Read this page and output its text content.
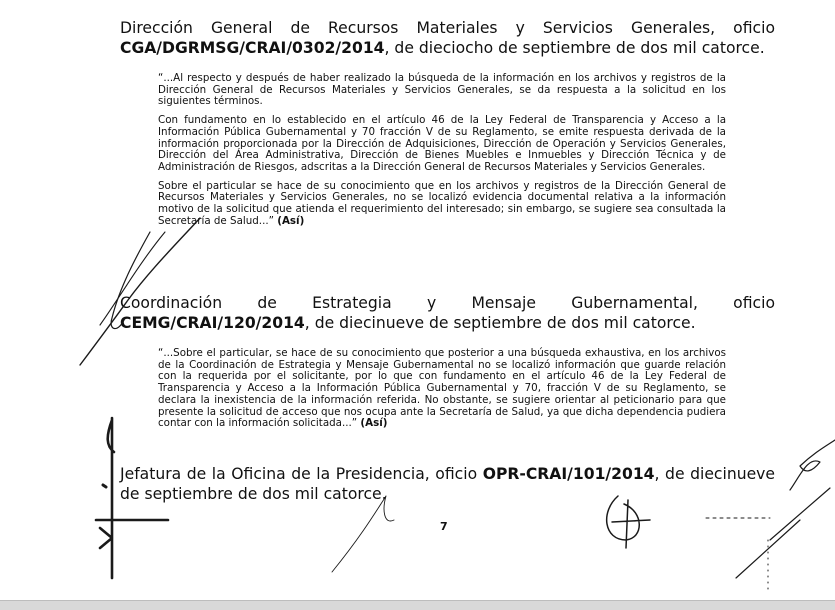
Dirección General de Recursos Materiales y Servicios Generales, oficio CGA/DGRMSG/CRAI/0302/2014, de dieciocho de septiembre de dos mil catorce.

“...Al respecto y después de haber realizado la búsqueda de la información en los archivos y registros de la Dirección General de Recursos Materiales y Servicios Generales, se da respuesta a la solicitud en los siguientes términos.

Con fundamento en lo establecido en el artículo 46 de la Ley Federal de Transparencia y Acceso a la Información Pública Gubernamental y 70 fracción V de su Reglamento, se emite respuesta derivada de la información proporcionada por la Dirección de Adquisiciones, Dirección de Operación y Servicios Generales, Dirección del Área Administrativa, Dirección de Bienes Muebles e Inmuebles y Dirección Técnica y de Administración de Riesgos, adscritas a la Dirección General de Recursos Materiales y Servicios Generales.

Sobre el particular se hace de su conocimiento que en los archivos y registros de la Dirección General de Recursos Materiales y Servicios Generales, no se localizó evidencia documental relativa a la información motivo de la solicitud que atienda el requerimiento del interesado; sin embargo, se sugiere sea consultada la Secretaría de Salud...” (Así)

Coordinación de Estrategia y Mensaje Gubernamental, oficio CEMG/CRAI/120/2014, de diecinueve de septiembre de dos mil catorce.

“...Sobre el particular, se hace de su conocimiento que posterior a una búsqueda exhaustiva, en los archivos de la Coordinación de Estrategia y Mensaje Gubernamental no se localizó información que guarde relación con la requerida por el solicitante, por lo que con fundamento en el artículo 46 de la Ley Federal de Transparencia y Acceso a la Información Pública Gubernamental y 70, fracción V de su Reglamento, se declara la inexistencia de la información referida. No obstante, se sugiere orientar al peticionario para que presente la solicitud de acceso que nos ocupa ante la Secretaría de Salud, ya que dicha dependencia pudiera contar con la información solicitada...” (Así)

Jefatura de la Oficina de la Presidencia, oficio OPR-CRAI/101/2014, de diecinueve de septiembre de dos mil catorce.

7
